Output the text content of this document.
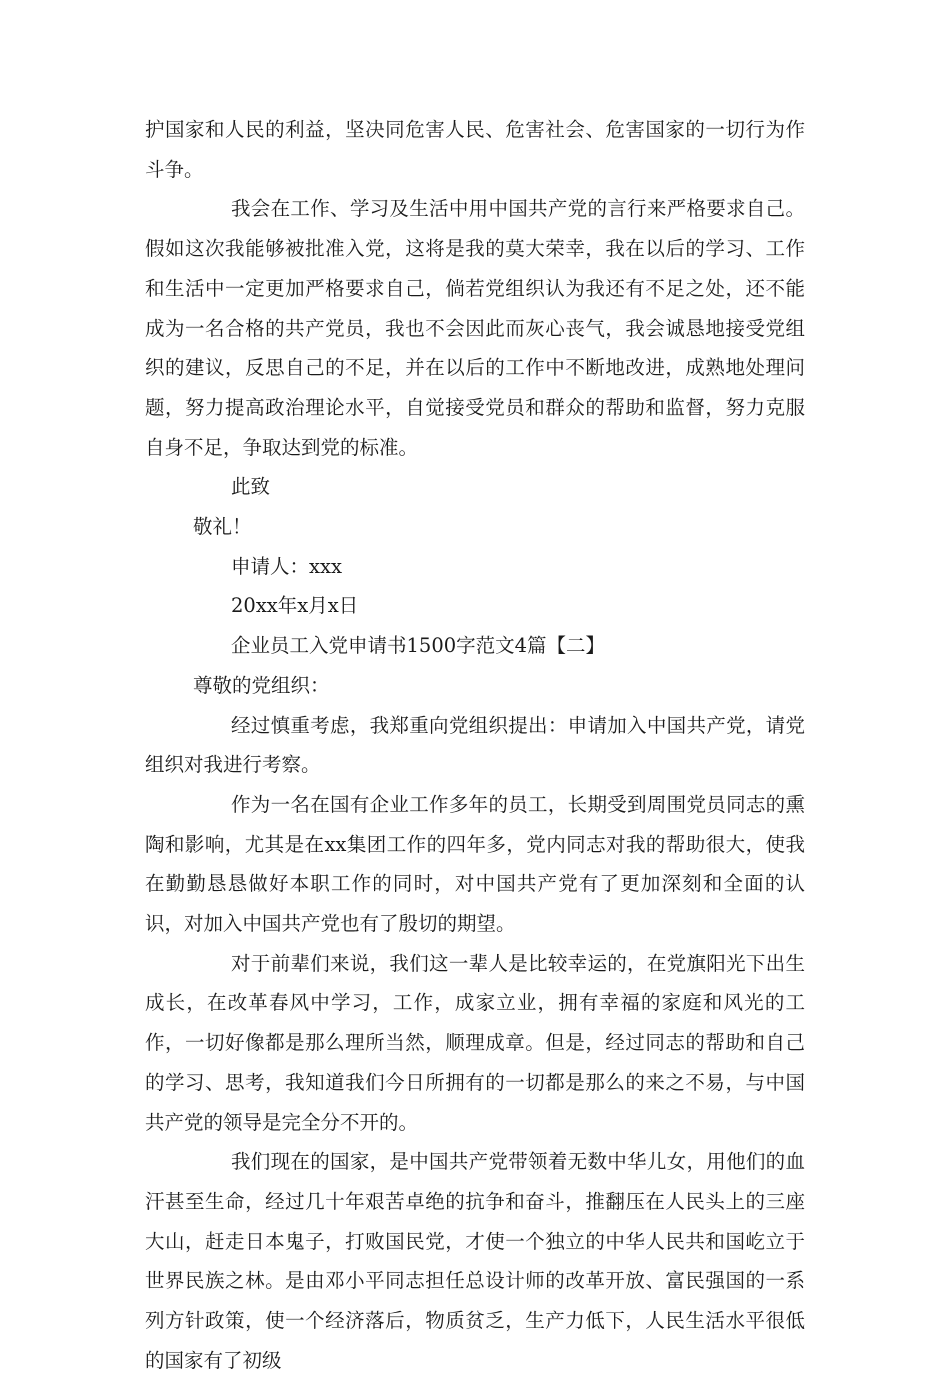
护国家和人民的利益，坚决同危害人民、危害社会、危害国家的一切行为作斗争。

我会在工作、学习及生活中用中国共产党的言行来严格要求自己。假如这次我能够被批准入党，这将是我的莫大荣幸，我在以后的学习、工作和生活中一定更加严格要求自己，倘若党组织认为我还有不足之处，还不能成为一名合格的共产党员，我也不会因此而灰心丧气，我会诚恳地接受党组织的建议，反思自己的不足，并在以后的工作中不断地改进，成熟地处理问题，努力提高政治理论水平，自觉接受党员和群众的帮助和监督，努力克服自身不足，争取达到党的标准。

此致

敬礼！

申请人：xxx

20xx年x月x日

企业员工入党申请书1500字范文4篇【二】

尊敬的党组织：

经过慎重考虑，我郑重向党组织提出：申请加入中国共产党，请党组织对我进行考察。

作为一名在国有企业工作多年的员工，长期受到周围党员同志的熏陶和影响，尤其是在xx集团工作的四年多，党内同志对我的帮助很大，使我在勤勤恳恳做好本职工作的同时，对中国共产党有了更加深刻和全面的认识，对加入中国共产党也有了殷切的期望。

对于前辈们来说，我们这一辈人是比较幸运的，在党旗阳光下出生成长，在改革春风中学习，工作，成家立业，拥有幸福的家庭和风光的工作，一切好像都是那么理所当然，顺理成章。但是，经过同志的帮助和自己的学习、思考，我知道我们今日所拥有的一切都是那么的来之不易，与中国共产党的领导是完全分不开的。

我们现在的国家，是中国共产党带领着无数中华儿女，用他们的血汗甚至生命，经过几十年艰苦卓绝的抗争和奋斗，推翻压在人民头上的三座大山，赶走日本鬼子，打败国民党，才使一个独立的中华人民共和国屹立于世界民族之林。是由邓小平同志担任总设计师的改革开放、富民强国的一系列方针政策，使一个经济落后，物质贫乏，生产力低下，人民生活水平很低的国家有了初级
